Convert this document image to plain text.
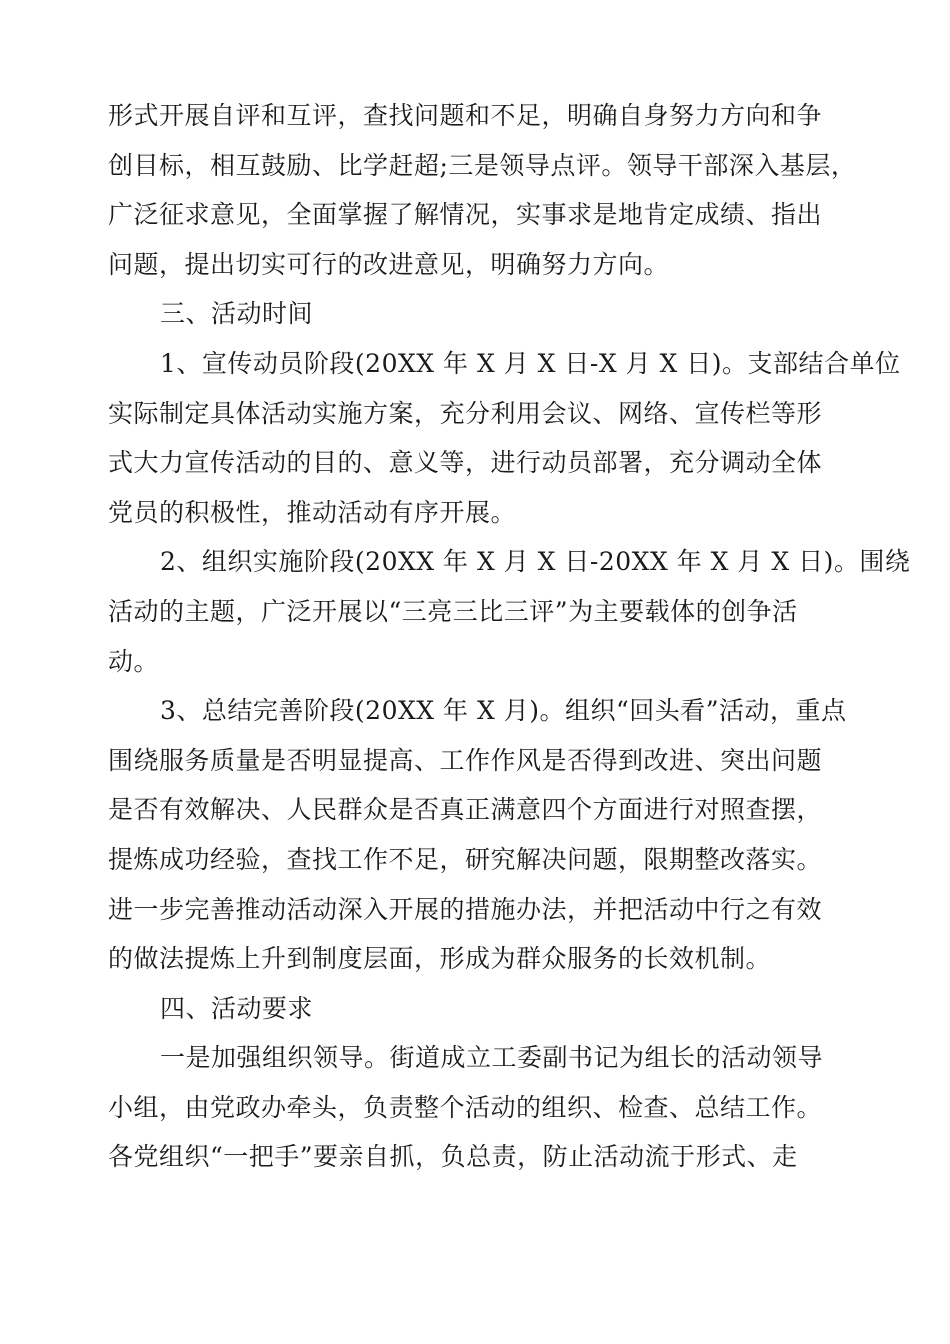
形式开展自评和互评，查找问题和不足，明确自身努力方向和争
创目标，相互鼓励、比学赶超;三是领导点评。领导干部深入基层，
广泛征求意见，全面掌握了解情况，实事求是地肯定成绩、指出
问题，提出切实可行的改进意见，明确努力方向。
三、活动时间
1、宣传动员阶段(20XX 年 X 月 X 日-X 月 X 日)。支部结合单位
实际制定具体活动实施方案，充分利用会议、网络、宣传栏等形
式大力宣传活动的目的、意义等，进行动员部署，充分调动全体
党员的积极性，推动活动有序开展。
2、组织实施阶段(20XX 年 X 月 X 日-20XX 年 X 月 X 日)。围绕
活动的主题，广泛开展以“三亮三比三评”为主要载体的创争活
动。
3、总结完善阶段(20XX 年 X 月)。组织“回头看”活动，重点
围绕服务质量是否明显提高、工作作风是否得到改进、突出问题
是否有效解决、人民群众是否真正满意四个方面进行对照查摆，
提炼成功经验，查找工作不足，研究解决问题，限期整改落实。
进一步完善推动活动深入开展的措施办法，并把活动中行之有效
的做法提炼上升到制度层面，形成为群众服务的长效机制。
四、活动要求
一是加强组织领导。街道成立工委副书记为组长的活动领导
小组，由党政办牵头，负责整个活动的组织、检查、总结工作。
各党组织“一把手”要亲自抓，负总责，防止活动流于形式、走
